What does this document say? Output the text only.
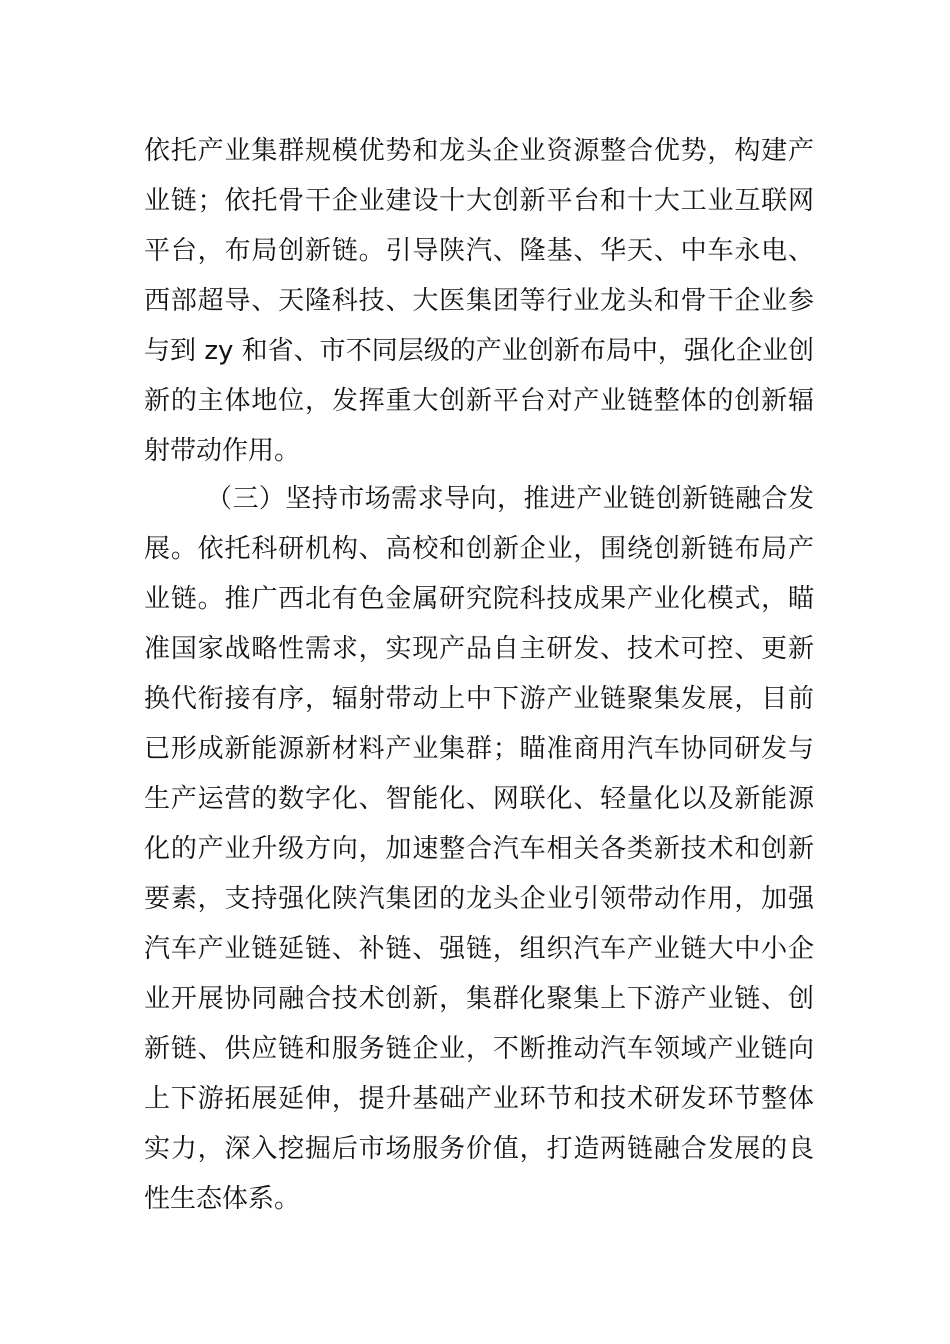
依托产业集群规模优势和龙头企业资源整合优势，构建产
业链；依托骨干企业建设十大创新平台和十大工业互联网
平台，布局创新链。引导陕汽、隆基、华天、中车永电、
西部超导、天隆科技、大医集团等行业龙头和骨干企业参
与到 zy 和省、市不同层级的产业创新布局中，强化企业创
新的主体地位，发挥重大创新平台对产业链整体的创新辐
射带动作用。
（三）坚持市场需求导向，推进产业链创新链融合发
展。依托科研机构、高校和创新企业，围绕创新链布局产
业链。推广西北有色金属研究院科技成果产业化模式，瞄
准国家战略性需求，实现产品自主研发、技术可控、更新
换代衔接有序，辐射带动上中下游产业链聚集发展，目前
已形成新能源新材料产业集群；瞄准商用汽车协同研发与
生产运营的数字化、智能化、网联化、轻量化以及新能源
化的产业升级方向，加速整合汽车相关各类新技术和创新
要素，支持强化陕汽集团的龙头企业引领带动作用，加强
汽车产业链延链、补链、强链，组织汽车产业链大中小企
业开展协同融合技术创新，集群化聚集上下游产业链、创
新链、供应链和服务链企业，不断推动汽车领域产业链向
上下游拓展延伸，提升基础产业环节和技术研发环节整体
实力，深入挖掘后市场服务价值，打造两链融合发展的良
性生态体系。
